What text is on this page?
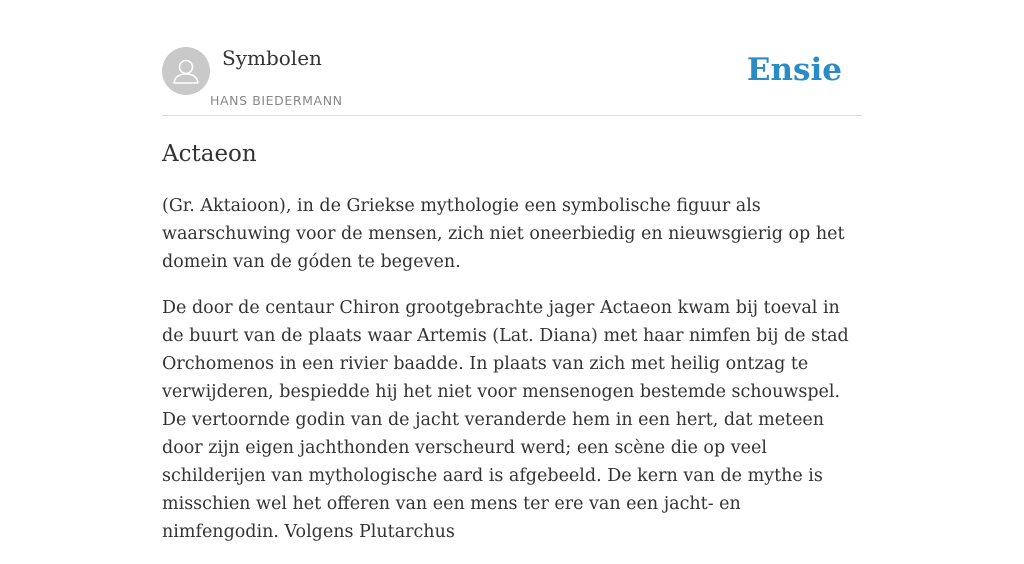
Symbolen
HANS BIEDERMANN
Ensie
Actaeon

(Gr. Aktaioon), in de Griekse mythologie een symbolische figuur als waarschuwing voor de mensen, zich niet oneerbiedig en nieuwsgierig op het domein van de góden te begeven.

De door de centaur Chiron grootgebrachte jager Actaeon kwam bij toeval in de buurt van de plaats waar Artemis (Lat. Diana) met haar nimfen bij de stad Orchomenos in een rivier baadde. In plaats van zich met heilig ontzag te verwijderen, bespiedde hij het niet voor mensenogen bestemde schouwspel. De vertoornde godin van de jacht veranderde hem in een hert, dat meteen door zijn eigen jachthonden verscheurd werd; een scène die op veel schilderijen van mythologische aard is afgebeeld. De kern van de mythe is misschien wel het offeren van een mens ter ere van een jacht- en nimfengodin. Volgens Plutarchus
